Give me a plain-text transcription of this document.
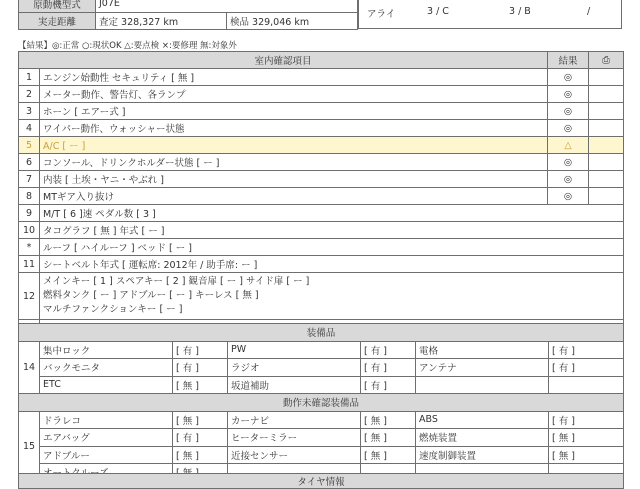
原動機型式	J07E	
実走距離	査定 328,327 km	検品 329,046 km
アライ	3 / C	3 / B	/
【結果】◎:正常 ○:現状OK △:要点検 ×:要修理 無:対象外
室内確認項目		結果	⎙
1	エンジン始動性 セキュリティ [ 無 ]	◎	
2	メーター動作、警告灯、各ランプ	◎	
3	ホーン [ エアー式 ]	◎	
4	ワイパー動作、ウォッシャー状態	◎	
5	A/C [ ー ]	△	
6	コンソール、ドリンクホルダー状態 [ ー ]	◎	
7	内装 [ 土埃・ヤニ・やぶれ ]	◎	
8	MTギア入り抜け	◎	
9	M/T [ 6 ]速 ペダル数 [ 3 ]		
10	タコグラフ [ 無 ] 年式 [ ー ]		
*	ルーフ [ ハイルーフ ] ベッド [ ー ]		
11	シートベルト年式 [ 運転席: 2012年 / 助手席: ー ]		
12	メインキー [ 1 ] スペアキー [ 2 ] 観音扉 [ ー ] サイド扉 [ ー ]
燃料タンク [ ー ] アドブルー [ ー ] キーレス [ 無 ]
マルチファンクションキー [ ー ]		

装備品						
14	集中ロック	[ 有 ]	PW	[ 有 ]	電格	[ 有 ]
	バックモニタ	[ 有 ]	ラジオ	[ 有 ]	アンテナ	[ 有 ]
	ETC	[ 無 ]	坂道補助	[ 有 ]		
動作未確認装備品						
15	ドラレコ	[ 無 ]	カーナビ	[ 無 ]	ABS	[ 有 ]
	エアバッグ	[ 有 ]	ヒーターミラー	[ 無 ]	燃焼装置	[ 無 ]
	アドブルー	[ 無 ]	近接センサー	[ 無 ]	速度制御装置	[ 無 ]

タイヤ情報
